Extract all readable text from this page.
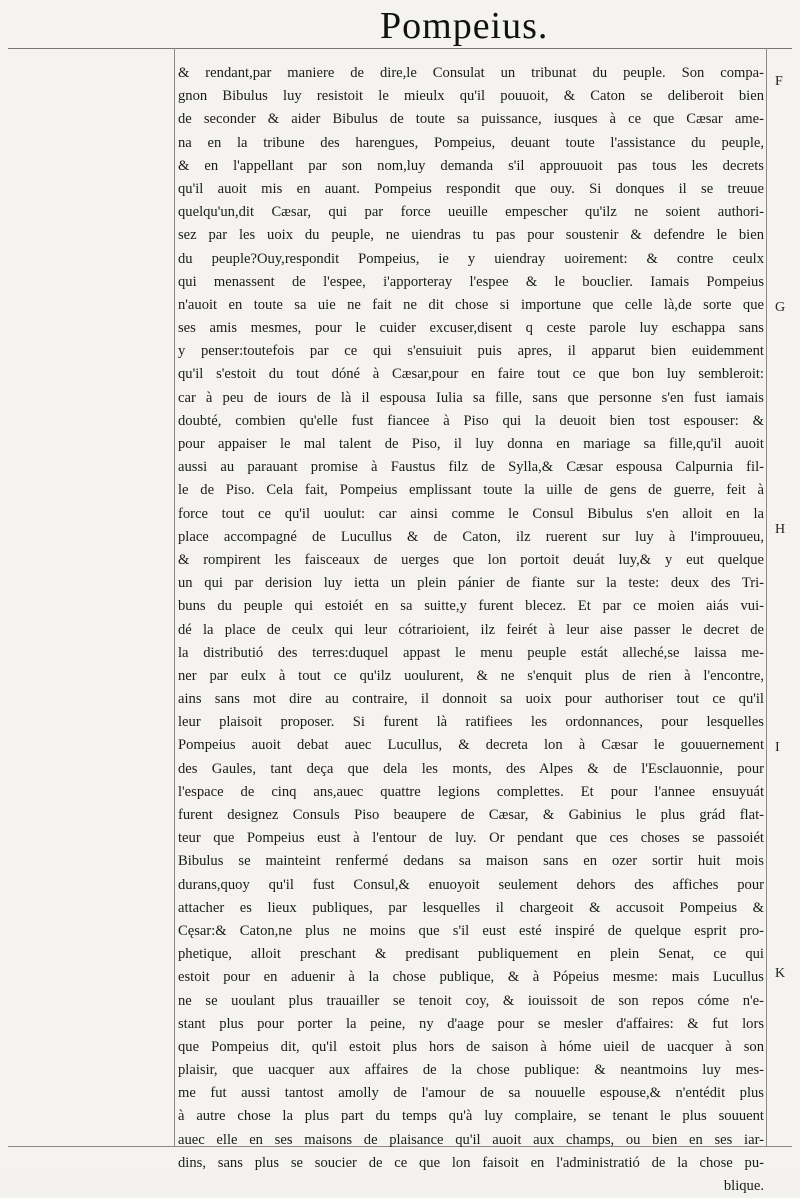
Pompeius.
& rendant,par maniere de dire,le Consulat un tribunat du peuple. Son compa-
gnon Bibulus luy resistoit le mieulx qu'il pouuoit, & Caton se deliberoit bien
de seconder & aider Bibulus de toute sa puissance, iusques à ce que Cæsar ame-
na en la tribune des harengues, Pompeius, deuant toute l'assistance du peuple,
& en l'appellant par son nom,luy demanda s'il approuuoit pas tous les decrets
qu'il auoit mis en auant. Pompeius respondit que ouy. Si donques il se treuue
quelqu'un,dit Cæsar, qui par force ueuille empescher qu'ilz ne soient authori-
sez par les uoix du peuple, ne uiendras tu pas pour soustenir & defendre le bien
du peuple?Ouy,respondit Pompeius, ie y uiendray uoirement: & contre ceulx
qui menassent de l'espee, i'apporteray l'espee & le bouclier. Iamais Pompeius
n'auoit en toute sa uie ne fait ne dit chose si importune que celle là,de sorte que
ses amis mesmes, pour le cuider excuser,disent q ceste parole luy eschappa sans
y penser:toutefois par ce qui s'ensuiuit puis apres, il apparut bien euidemment
qu'il s'estoit du tout dóné à Cæsar,pour en faire tout ce que bon luy sembleroit:
car à peu de iours de là il espousa Iulia sa fille, sans que personne s'en fust iamais
doubté, combien qu'elle fust fiancee à Piso qui la deuoit bien tost espouser: &
pour appaiser le mal talent de Piso, il luy donna en mariage sa fille,qu'il auoit
aussi au parauant promise à Faustus filz de Sylla,& Cæsar espousa Calpurnia fil-
le de Piso. Cela fait, Pompeius emplissant toute la uille de gens de guerre, feit à
force tout ce qu'il uoulut: car ainsi comme le Consul Bibulus s'en alloit en la
place accompagné de Lucullus & de Caton, ilz ruerent sur luy à l'improuueu,
& rompirent les faisceaux de uerges que lon portoit deuát luy,& y eut quelque
un qui par derision luy ietta un plein pánier de fiante sur la teste: deux des Tri-
buns du peuple qui estoiét en sa suitte,y furent blecez. Et par ce moien aiás vui-
dé la place de ceulx qui leur cótrarioient, ilz feirét à leur aise passer le decret de
la distributió des terres:duquel appast le menu peuple estát alleché,se laissa me-
ner par eulx à tout ce qu'ilz uoulurent, & ne s'enquit plus de rien à l'encontre,
ains sans mot dire au contraire, il donnoit sa uoix pour authoriser tout ce qu'il
leur plaisoit proposer. Si furent là ratifiees les ordonnances, pour lesquelles
Pompeius auoit debat auec Lucullus, & decreta lon à Cæsar le gouuernement
des Gaules, tant deça que dela les monts, des Alpes & de l'Esclauonnie, pour
l'espace de cinq ans,auec quattre legions complettes. Et pour l'annee ensuyuát
furent designez Consuls Piso beaupere de Cæsar, & Gabinius le plus grád flat-
teur que Pompeius eust à l'entour de luy. Or pendant que ces choses se passoiét
Bibulus se mainteint renfermé dedans sa maison sans en ozer sortir huit mois
durans,quoy qu'il fust Consul,& enuoyoit seulement dehors des affiches pour
attacher es lieux publiques, par lesquelles il chargeoit & accusoit Pompeius &
Cęsar:& Caton,ne plus ne moins que s'il eust esté inspiré de quelque esprit pro-
phetique, alloit preschant & predisant publiquement en plein Senat, ce qui
estoit pour en aduenir à la chose publique, & à Pópeius mesme: mais Lucullus
ne se uoulant plus trauailler se tenoit coy, & iouissoit de son repos cóme n'e-
stant plus pour porter la peine, ny d'aage pour se mesler d'affaires: & fut lors
que Pompeius dit, qu'il estoit plus hors de saison à hóme uieil de uacquer à son
plaisir, que uacquer aux affaires de la chose publique: & neantmoins luy mes-
me fut aussi tantost amolly de l'amour de sa nouuelle espouse,& n'entédit plus
à autre chose la plus part du temps qu'à luy complaire, se tenant le plus souuent
auec elle en ses maisons de plaisance qu'il auoit aux champs, ou bien en ses iar-
dins, sans plus se soucier de ce que lon faisoit en l'administratió de la chose pu-
blique.
F
G
H
I
K
